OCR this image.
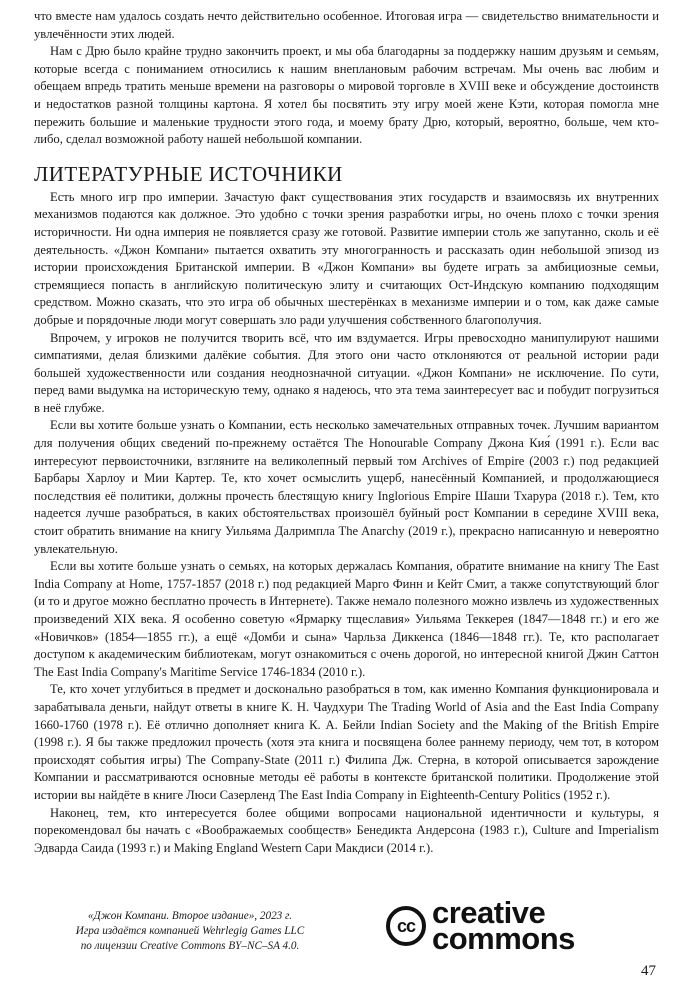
что вместе нам удалось создать нечто действительно особенное. Итоговая игра — свидетельство внимательности и увлечённости этих людей.

Нам с Дрю было крайне трудно закончить проект, и мы оба благодарны за поддержку нашим друзьям и семьям, которые всегда с пониманием относились к нашим внеплановым рабочим встречам. Мы очень вас любим и обещаем впредь тратить меньше времени на разговоры о мировой торговле в XVIII веке и обсуждение достоинств и недостатков разной толщины картона. Я хотел бы посвятить эту игру моей жене Кэти, которая помогла мне пережить большие и маленькие трудности этого года, и моему брату Дрю, который, вероятно, больше, чем кто-либо, сделал возможной работу нашей небольшой компании.

ЛИТЕРАТУРНЫЕ ИСТОЧНИКИ

Есть много игр про империи. Зачастую факт существования этих государств и взаимосвязь их внутренних механизмов подаются как должное. Это удобно с точки зрения разработки игры, но очень плохо с точки зрения историчности. Ни одна империя не появляется сразу же готовой. Развитие империи столь же запутанно, сколь и её деятельность. «Джон Компани» пытается охватить эту многогранность и рассказать один небольшой эпизод из истории происхождения Британской империи. В «Джон Компани» вы будете играть за амбициозные семьи, стремящиеся попасть в английскую политическую элиту и считающих Ост-Индскую компанию подходящим средством. Можно сказать, что это игра об обычных шестерёнках в механизме империи и о том, как даже самые добрые и порядочные люди могут совершать зло ради улучшения собственного благополучия.

Впрочем, у игроков не получится творить всё, что им вздумается. Игры превосходно манипулируют нашими симпатиями, делая близкими далёкие события. Для этого они часто отклоняются от реальной истории ради большей художественности или создания неоднозначной ситуации. «Джон Компани» не исключение. По сути, перед вами выдумка на историческую тему, однако я надеюсь, что эта тема заинтересует вас и побудит погрузиться в неё глубже.

Если вы хотите больше узнать о Компании, есть несколько замечательных отправных точек. Лучшим вариантом для получения общих сведений по-прежнему остаётся The Honourable Company Джона Кия́ (1991 г.). Если вас интересуют первоисточники, взгляните на великолепный первый том Archives of Empire (2003 г.) под редакцией Барбары Харлоу и Мии Картер. Те, кто хочет осмыслить ущерб, нанесённый Компанией, и продолжающиеся последствия её политики, должны прочесть блестящую книгу Inglorious Empire Шаши Тхарура (2018 г.). Тем, кто надеется лучше разобраться, в каких обстоятельствах произошёл буйный рост Компании в середине XVIII века, стоит обратить внимание на книгу Уильяма Далримпла The Anarchy (2019 г.), прекрасно написанную и невероятно увлекательную.

Если вы хотите больше узнать о семьях, на которых держалась Компания, обратите внимание на книгу The East India Company at Home, 1757-1857 (2018 г.) под редакцией Марго Финн и Кейт Смит, а также сопутствующий блог (и то и другое можно бесплатно прочесть в Интернете). Также немало полезного можно извлечь из художественных произведений XIX века. Я особенно советую «Ярмарку тщеславия» Уильяма Теккерея (1847—1848 гг.) и его же «Новичков» (1854—1855 гг.), а ещё «Домби и сына» Чарльза Диккенса (1846—1848 гг.). Те, кто располагает доступом к академическим библиотекам, могут ознакомиться с очень дорогой, но интересной книгой Джин Саттон The East India Company's Maritime Service 1746-1834 (2010 г.).

Те, кто хочет углубиться в предмет и досконально разобраться в том, как именно Компания функционировала и зарабатывала деньги, найдут ответы в книге К. Н. Чаудхури The Trading World of Asia and the East India Company 1660-1760 (1978 г.). Её отлично дополняет книга К. А. Бейли Indian Society and the Making of the British Empire (1998 г.). Я бы также предложил прочесть (хотя эта книга и посвящена более раннему периоду, чем тот, в котором происходят события игры) The Company-State (2011 г.) Филипа Дж. Стерна, в которой описывается зарождение Компании и рассматриваются основные методы её работы в контексте британской политики. Продолжение этой истории вы найдёте в книге Люси Сазерленд The East India Company in Eighteenth-Century Politics (1952 г.).

Наконец, тем, кто интересуется более общими вопросами национальной идентичности и культуры, я порекомендовал бы начать с «Воображаемых сообществ» Бенедикта Андерсона (1983 г.), Culture and Imperialism Эдварда Саида (1993 г.) и Making England Western Сари Макдиси (2014 г.).

«Джон Компани. Второе издание», 2023 г.
Игра издаётся компанией Wehrlegig Games LLC
по лицензии Creative Commons BY–NC–SA 4.0.
cc creative
commons
47
